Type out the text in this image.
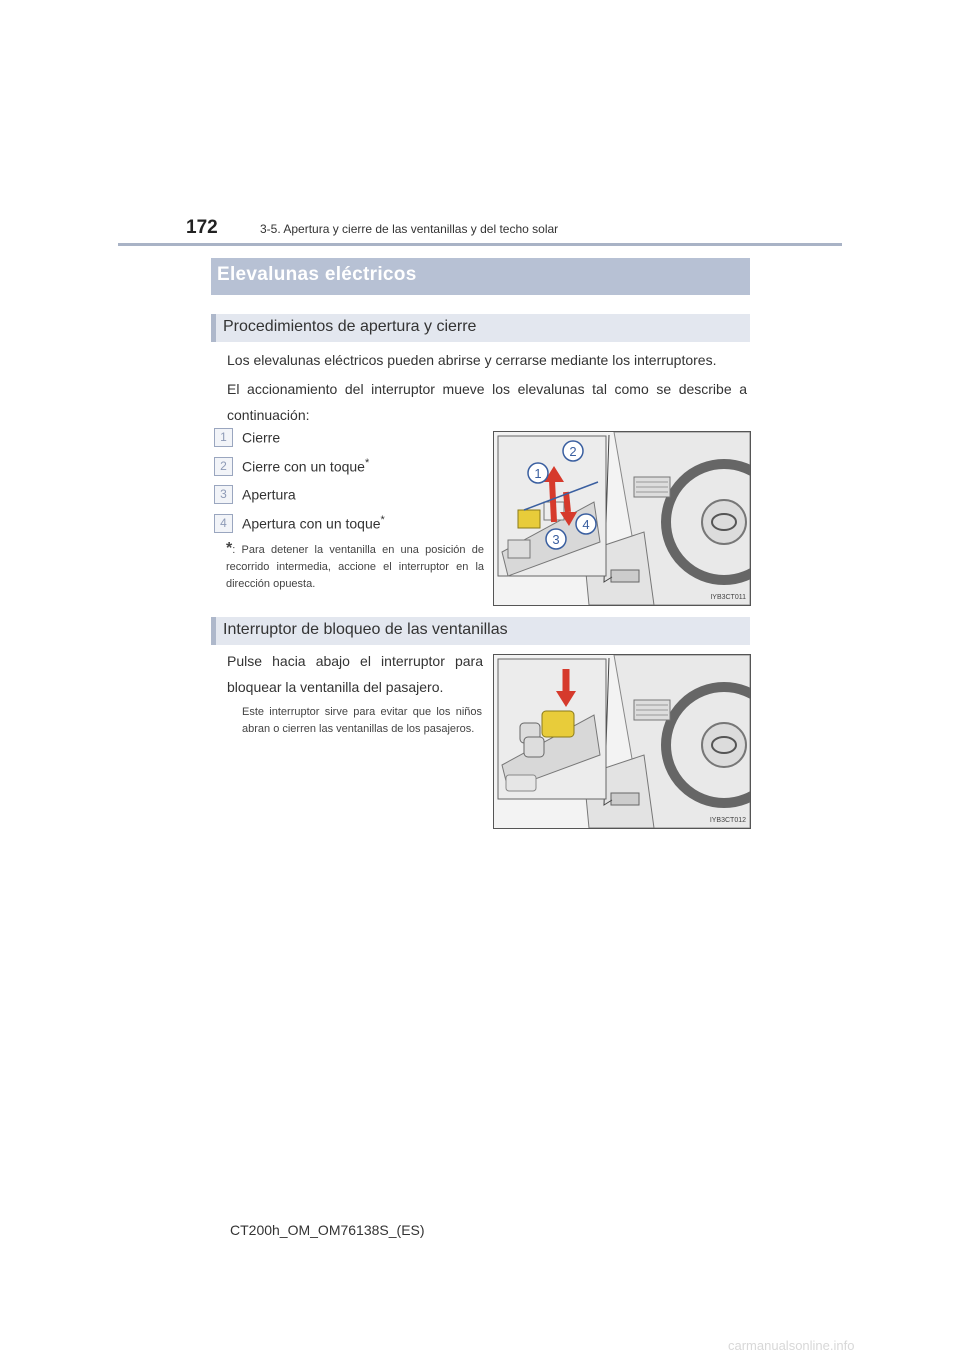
172	3-5. Apertura y cierre de las ventanillas y del techo solar
Elevalunas eléctricos
Procedimientos de apertura y cierre
Los elevalunas eléctricos pueden abrirse y cerrarse mediante los interruptores.
El accionamiento del interruptor mueve los elevalunas tal como se describe a continuación:
1	Cierre
2	Cierre con un toque*
3	Apertura
4	Apertura con un toque*
*: Para detener la ventanilla en una posición de recorrido intermedia, accione el interruptor en la dirección opuesta.
1
2
3
4
IYB3CT011
Interruptor de bloqueo de las ventanillas
Pulse hacia abajo el interruptor para bloquear la ventanilla del pasajero.
Este interruptor sirve para evitar que los niños abran o cierren las ventanillas de los pasajeros.
IYB3CT012
CT200h_OM_OM76138S_(ES)
carmanualsonline.info
